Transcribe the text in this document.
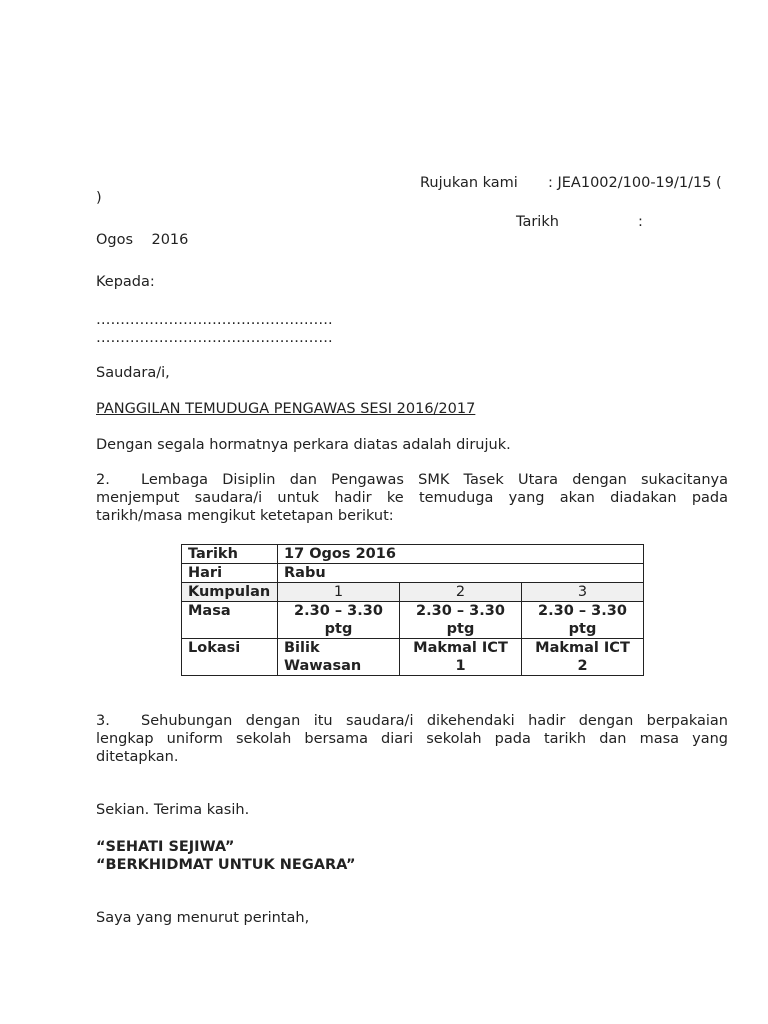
Rujukan kami : JEA1002/100-19/1/15 (
)
Tarikh	:
Ogos    2016
Kepada:
………………………………………….
………………………………………….
Saudara/i,
PANGGILAN TEMUDUGA PENGAWAS SESI 2016/2017
Dengan segala hormatnya perkara diatas adalah dirujuk.
2. Lembaga Disiplin dan Pengawas SMK Tasek Utara dengan sukacitanya
menjemput saudara/i untuk hadir ke temuduga yang akan diadakan pada
tarikh/masa mengikut ketetapan berikut:
Tarikh	17 Ogos 2016		
Hari	Rabu		
Kumpulan	1	2	3
Masa	2.30 – 3.30 ptg	2.30 – 3.30 ptg	2.30 – 3.30 ptg
Lokasi	Bilik Wawasan	Makmal ICT 1	Makmal ICT 2
3. Sehubungan dengan itu saudara/i dikehendaki hadir dengan berpakaian
lengkap uniform sekolah bersama diari sekolah pada tarikh dan masa yang
ditetapkan.
Sekian. Terima kasih.
“SEHATI SEJIWA”
“BERKHIDMAT UNTUK NEGARA”
Saya yang menurut perintah,
